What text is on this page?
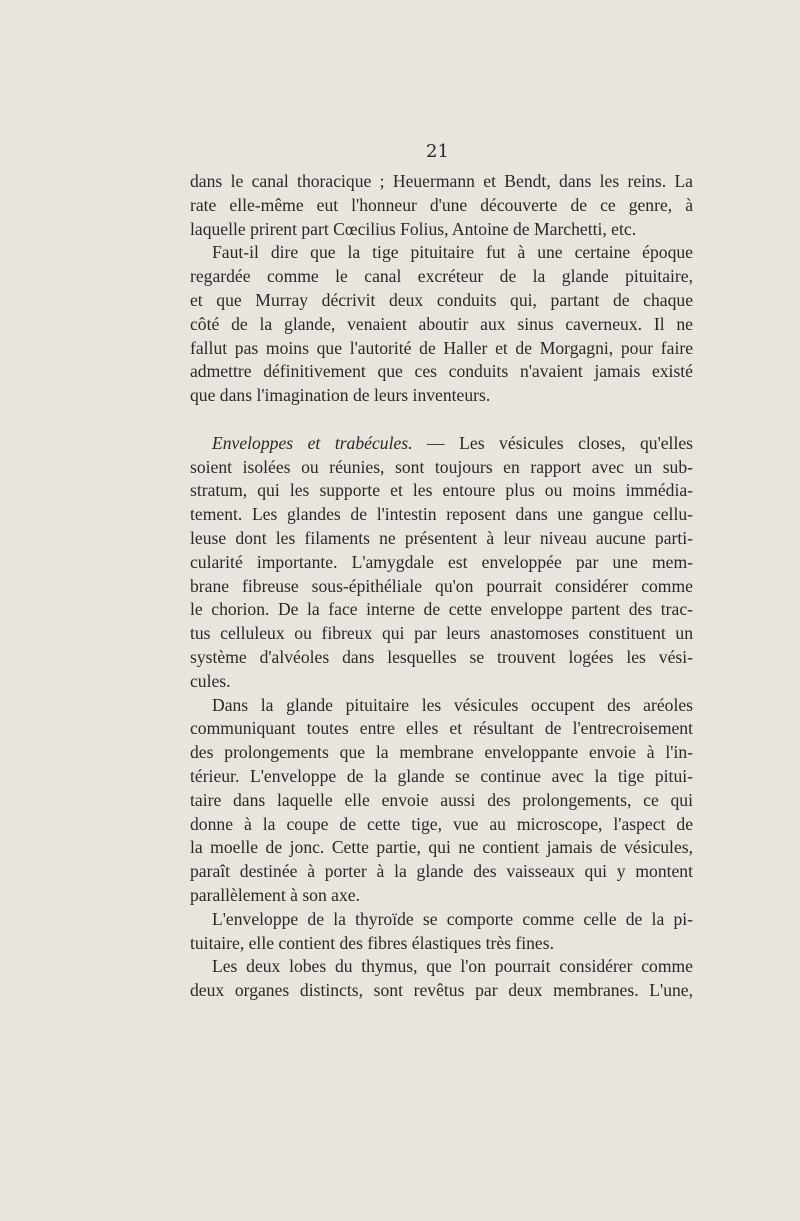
21
dans le canal thoracique ; Heuermann et Bendt, dans les reins. La
rate elle-même eut l'honneur d'une découverte de ce genre, à
laquelle prirent part Cœcilius Folius, Antoine de Marchetti, etc.
Faut-il dire que la tige pituitaire fut à une certaine époque
regardée comme le canal excréteur de la glande pituitaire,
et que Murray décrivit deux conduits qui, partant de chaque
côté de la glande, venaient aboutir aux sinus caverneux. Il ne
fallut pas moins que l'autorité de Haller et de Morgagni, pour faire
admettre définitivement que ces conduits n'avaient jamais existé
que dans l'imagination de leurs inventeurs.
Enveloppes et trabécules. — Les vésicules closes, qu'elles
soient isolées ou réunies, sont toujours en rapport avec un sub-
stratum, qui les supporte et les entoure plus ou moins immédia-
tement. Les glandes de l'intestin reposent dans une gangue cellu-
leuse dont les filaments ne présentent à leur niveau aucune parti-
cularité importante. L'amygdale est enveloppée par une mem-
brane fibreuse sous-épithéliale qu'on pourrait considérer comme
le chorion. De la face interne de cette enveloppe partent des trac-
tus celluleux ou fibreux qui par leurs anastomoses constituent un
système d'alvéoles dans lesquelles se trouvent logées les vési-
cules.
Dans la glande pituitaire les vésicules occupent des aréoles
communiquant toutes entre elles et résultant de l'entrecroisement
des prolongements que la membrane enveloppante envoie à l'in-
térieur. L'enveloppe de la glande se continue avec la tige pitui-
taire dans laquelle elle envoie aussi des prolongements, ce qui
donne à la coupe de cette tige, vue au microscope, l'aspect de
la moelle de jonc. Cette partie, qui ne contient jamais de vésicules,
paraît destinée à porter à la glande des vaisseaux qui y montent
parallèlement à son axe.
L'enveloppe de la thyroïde se comporte comme celle de la pi-
tuitaire, elle contient des fibres élastiques très fines.
Les deux lobes du thymus, que l'on pourrait considérer comme
deux organes distincts, sont revêtus par deux membranes. L'une,
